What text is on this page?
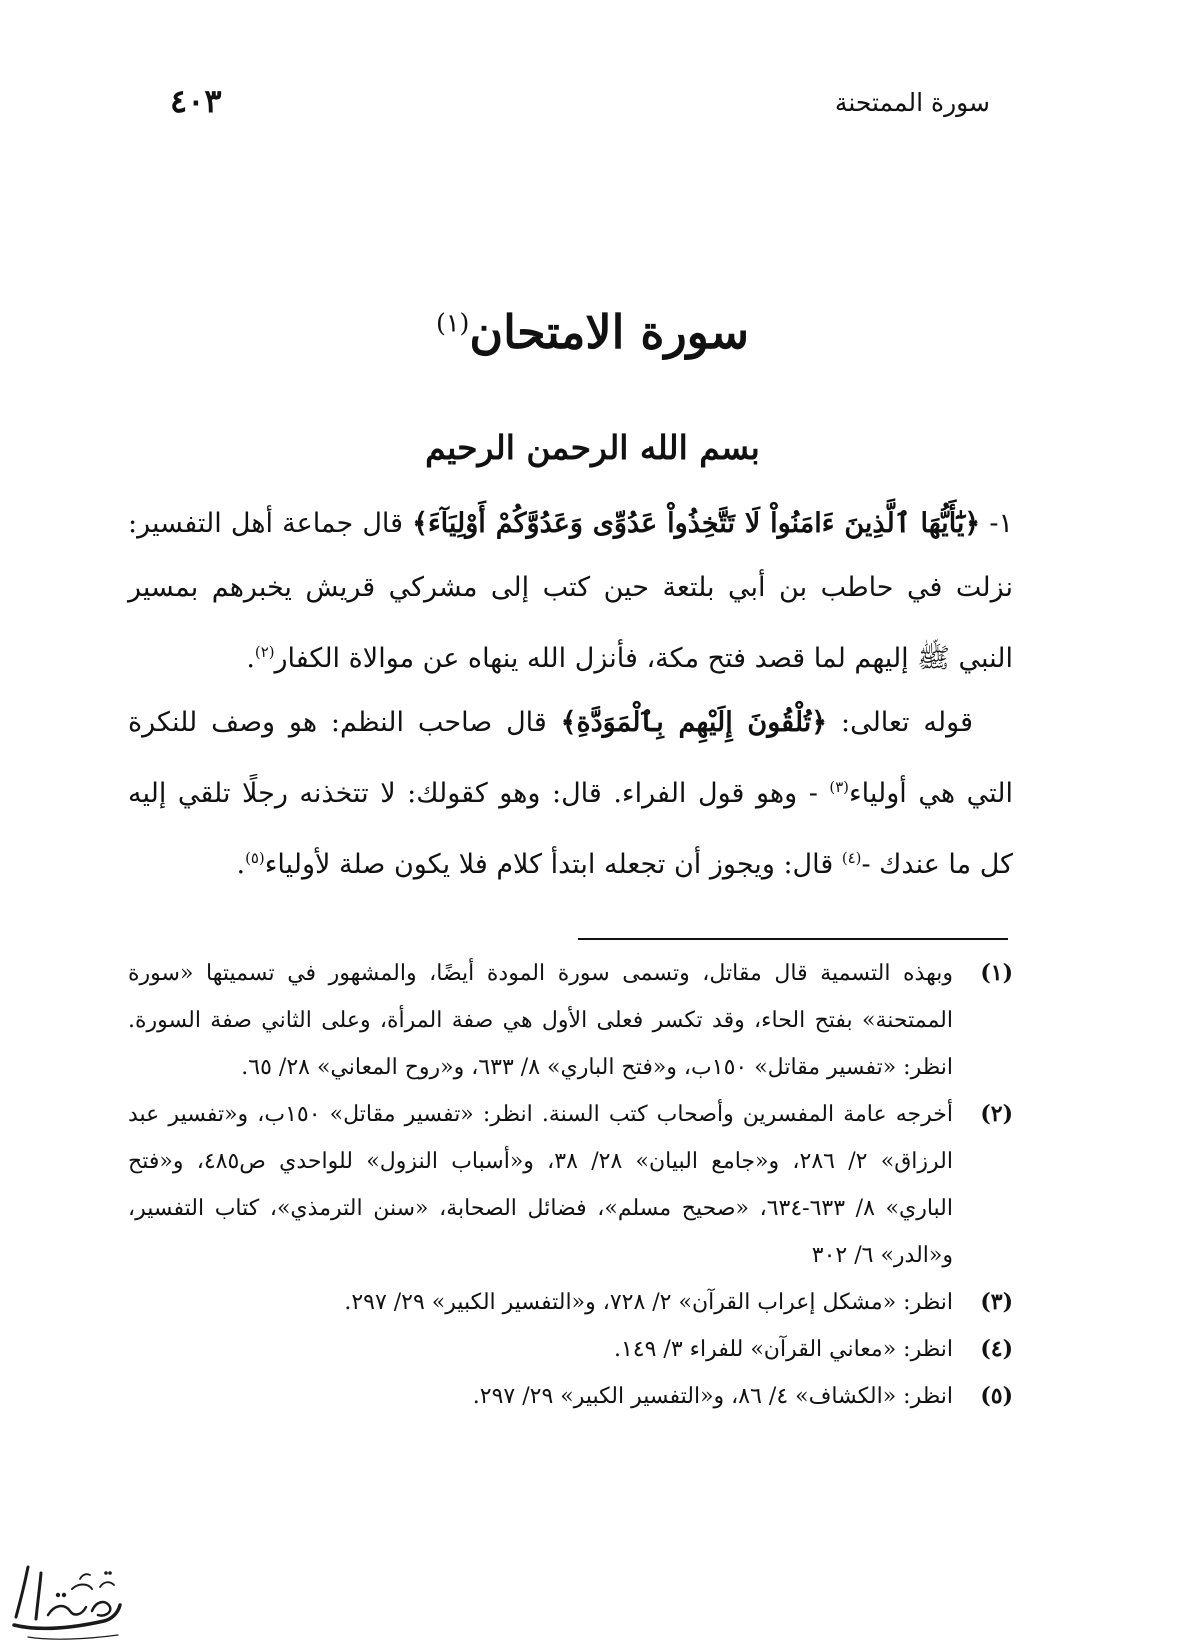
سورة الممتحنة
٤٠٣
سورة الامتحان$^{(١)}$
بسم الله الرحمن الرحيم

١- ﴿يَٰٓأَيُّهَا ٱلَّذِينَ ءَامَنُواْ لَا تَتَّخِذُواْ عَدُوِّى وَعَدُوَّكُمْ أَوْلِيَآءَ﴾ قال جماعة أهل التفسير: نزلت في حاطب بن أبي بلتعة حين كتب إلى مشركي قريش يخبرهم بمسير النبي ﷺ إليهم لما قصد فتح مكة، فأنزل الله ينهاه عن موالاة الكفار$^{(٢)}$.

قوله تعالى: ﴿تُلْقُونَ إِلَيْهِم بِٱلْمَوَدَّةِ﴾ قال صاحب النظم: هو وصف للنكرة التي هي أولياء$^{(٣)}$ - وهو قول الفراء. قال: وهو كقولك: لا تتخذنه رجلًا تلقي إليه كل ما عندك -$^{(٤)}$ قال: ويجوز أن تجعله ابتدأ كلام فلا يكون صلة لأولياء$^{(٥)}$.

(١)
وبهذه التسمية قال مقاتل، وتسمى سورة المودة أيضًا، والمشهور في تسميتها «سورة الممتحنة» بفتح الحاء، وقد تكسر فعلى الأول هي صفة المرأة، وعلى الثاني صفة السورة. انظر: «تفسير مقاتل» ١٥٠ب، و«فتح الباري» ٨/ ٦٣٣، و«روح المعاني» ٢٨/ ٦٥.
(٢)
أخرجه عامة المفسرين وأصحاب كتب السنة. انظر: «تفسير مقاتل» ١٥٠ب، و«تفسير عبد الرزاق» ٢/ ٢٨٦، و«جامع البيان» ٢٨/ ٣٨، و«أسباب النزول» للواحدي ص٤٨٥، و«فتح الباري» ٨/ ٦٣٣-٦٣٤، «صحيح مسلم»، فضائل الصحابة، «سنن الترمذي»، كتاب التفسير، و«الدر» ٦/ ٣٠٢
(٣)
انظر: «مشكل إعراب القرآن» ٢/ ٧٢٨، و«التفسير الكبير» ٢٩/ ٢٩٧.
(٤)
انظر: «معاني القرآن» للفراء ٣/ ١٤٩.
(٥)
انظر: «الكشاف» ٤/ ٨٦، و«التفسير الكبير» ٢٩/ ٢٩٧.
